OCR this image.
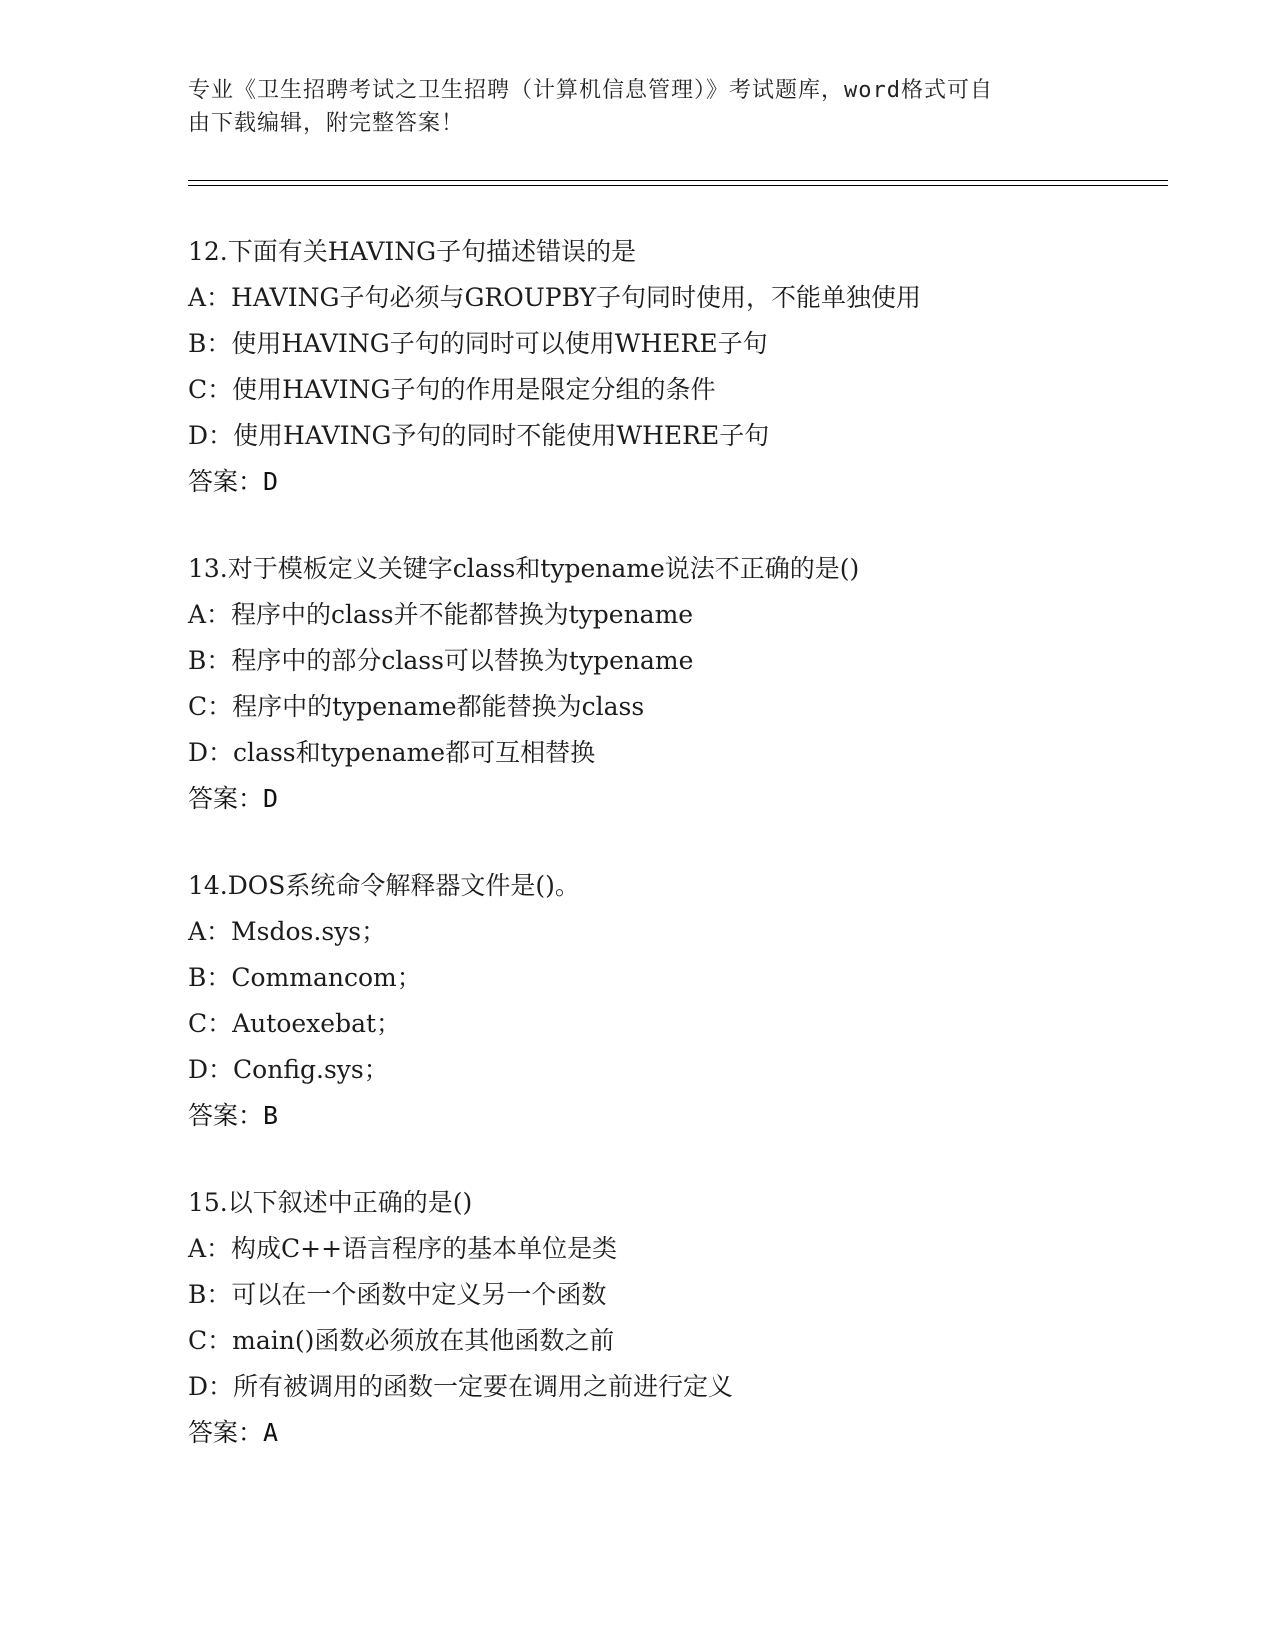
专业《卫生招聘考试之卫生招聘（计算机信息管理）》考试题库，word格式可自
由下载编辑，附完整答案！
12.下面有关HAVING子句描述错误的是
A：HAVING子句必须与GROUPBY子句同时使用，不能单独使用
B：使用HAVING子句的同时可以使用WHERE子句
C：使用HAVING子句的作用是限定分组的条件
D：使用HAVING予句的同时不能使用WHERE子句
答案：D
13.对于模板定义关键字class和typename说法不正确的是()
A：程序中的class并不能都替换为typename
B：程序中的部分class可以替换为typename
C：程序中的typename都能替换为class
D：class和typename都可互相替换
答案：D
14.DOS系统命令解释器文件是()。
A：Msdos.sys；
B：Commancom；
C：Autoexebat；
D：Config.sys；
答案：B
15.以下叙述中正确的是()
A：构成C++语言程序的基本单位是类
B：可以在一个函数中定义另一个函数
C：main()函数必须放在其他函数之前
D：所有被调用的函数一定要在调用之前进行定义
答案：A
